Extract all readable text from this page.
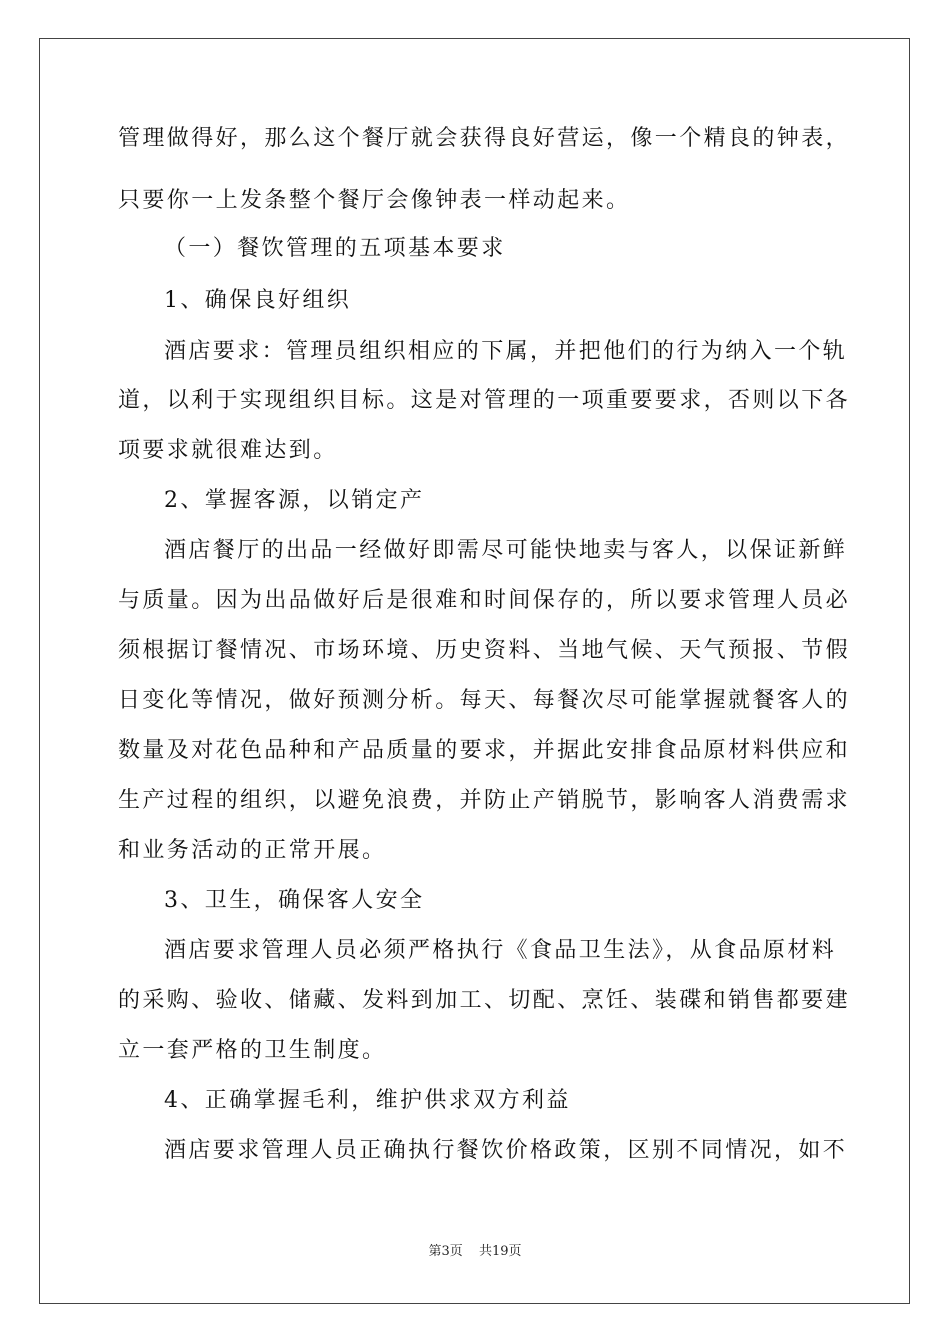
管理做得好，那么这个餐厅就会获得良好营运，像一个精良的钟表，
只要你一上发条整个餐厅会像钟表一样动起来。
（一）餐饮管理的五项基本要求
1、确保良好组织
酒店要求：管理员组织相应的下属，并把他们的行为纳入一个轨
道，以利于实现组织目标。这是对管理的一项重要要求，否则以下各
项要求就很难达到。
2、掌握客源，以销定产
酒店餐厅的出品一经做好即需尽可能快地卖与客人，以保证新鲜
与质量。因为出品做好后是很难和时间保存的，所以要求管理人员必
须根据订餐情况、市场环境、历史资料、当地气候、天气预报、节假
日变化等情况，做好预测分析。每天、每餐次尽可能掌握就餐客人的
数量及对花色品种和产品质量的要求，并据此安排食品原材料供应和
生产过程的组织，以避免浪费，并防止产销脱节，影响客人消费需求
和业务活动的正常开展。
3、卫生，确保客人安全
酒店要求管理人员必须严格执行《食品卫生法》，从食品原材料
的采购、验收、储藏、发料到加工、切配、烹饪、装碟和销售都要建
立一套严格的卫生制度。
4、正确掌握毛利，维护供求双方利益
酒店要求管理人员正确执行餐饮价格政策，区别不同情况，如不
第3页 共19页
